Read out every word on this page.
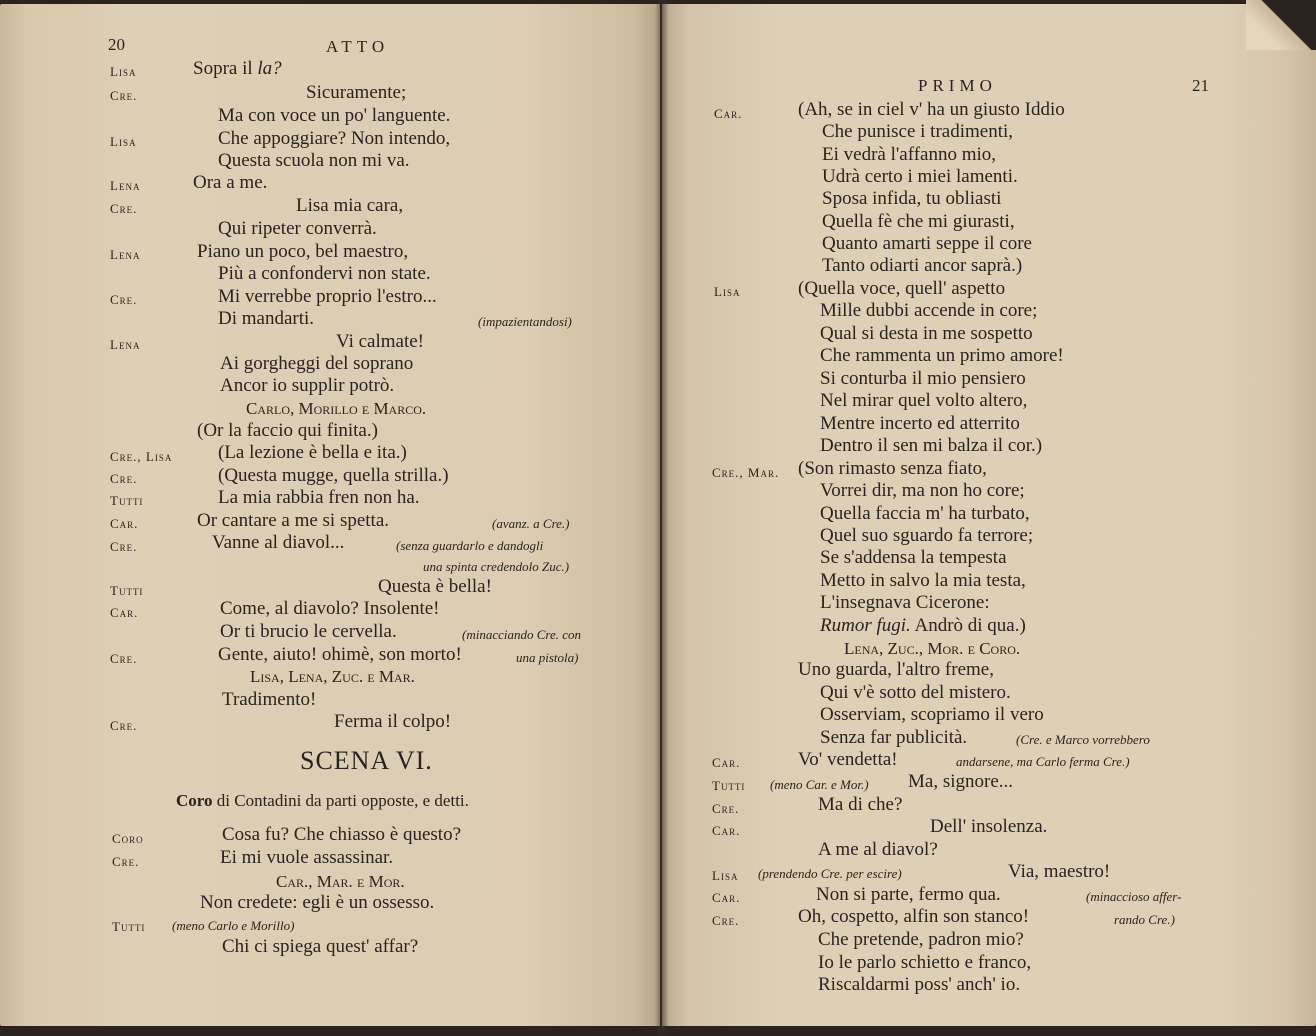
20	ATTO
Lisa	Sopra il la?
Cre.	Sicuramente;
Ma con voce un po' languente.
Lisa	Che appoggiare? Non intendo,
Questa scuola non mi va.
Lena	Ora a me.
Cre.	Lisa mia cara,
Qui ripeter converrà.
Lena	Piano un poco, bel maestro,
Più a confondervi non state.
Cre.	Mi verrebbe proprio l'estro...
Di mandarti.	(impazientandosi)
Lena	Vi calmate!
Ai gorgheggi del soprano
Ancor io supplir potrò.
Carlo, Morillo e Marco.
(Or la faccio qui finita.)
Cre., Lisa (La lezione è bella e ita.)
Cre.	(Questa mugge, quella strilla.)
Tutti	La mia rabbia fren non ha.
Car.	Or cantare a me si spetta.	(avanz. a Cre.)
Cre.	Vanne al diavol...	(senza guardarlo e dandogli
una spinta credendolo Zuc.)
Tutti	Questa è bella!
Car.	Come, al diavolo? Insolente!
Or ti brucio le cervella.	(minacciando Cre. con
Cre.	Gente, aiuto! ohimè, son morto!	una pistola)
Lisa, Lena, Zuc. e Mar.
Tradimento!
Cre.	Ferma il colpo!
SCENA VI.
Coro di Contadini da parti opposte, e detti.
Coro	Cosa fu? Che chiasso è questo?
Cre.	Ei mi vuole assassinar.
Car., Mar. e Mor.
Non credete: egli è un ossesso.
Tutti (meno Carlo e Morillo)
Chi ci spiega quest' affar?
PRIMO	21
Car.	(Ah, se in ciel v' ha un giusto Iddio
Che punisce i tradimenti,
Ei vedrà l'affanno mio,
Udrà certo i miei lamenti.
Sposa infida, tu obliasti
Quella fè che mi giurasti,
Quanto amarti seppe il core
Tanto odiarti ancor saprà.)
Lisa	(Quella voce, quell' aspetto
Mille dubbi accende in core;
Qual si desta in me sospetto
Che rammenta un primo amore!
Si conturba il mio pensiero
Nel mirar quel volto altero,
Mentre incerto ed atterrito
Dentro il sen mi balza il cor.)
Cre., Mar. (Son rimasto senza fiato,
Vorrei dir, ma non ho core;
Quella faccia m' ha turbato,
Quel suo sguardo fa terrore;
Se s'addensa la tempesta
Metto in salvo la mia testa,
L'insegnava Cicerone:
Rumor fugi. Andrò di qua.)
Lena, Zuc., Mor. e Coro.
Uno guarda, l'altro freme,
Qui v'è sotto del mistero.
Osserviam, scopriamo il vero
Senza far publicità.	(Cre. e Marco vorrebbero
Car.	Vo' vendetta!	andarsene, ma Carlo ferma Cre.)
Tutti (meno Car. e Mor.) Ma, signore...
Cre.	Ma di che?
Car.	Dell' insolenza.
A me al diavol?
Lisa (prendendo Cre. per escire)	Via, maestro!
Car.	Non si parte, fermo qua.	(minaccioso affer-
Cre.	Oh, cospetto, alfin son stanco!	rando Cre.)
Che pretende, padron mio?
Io le parlo schietto e franco,
Riscaldarmi poss' anch' io.
